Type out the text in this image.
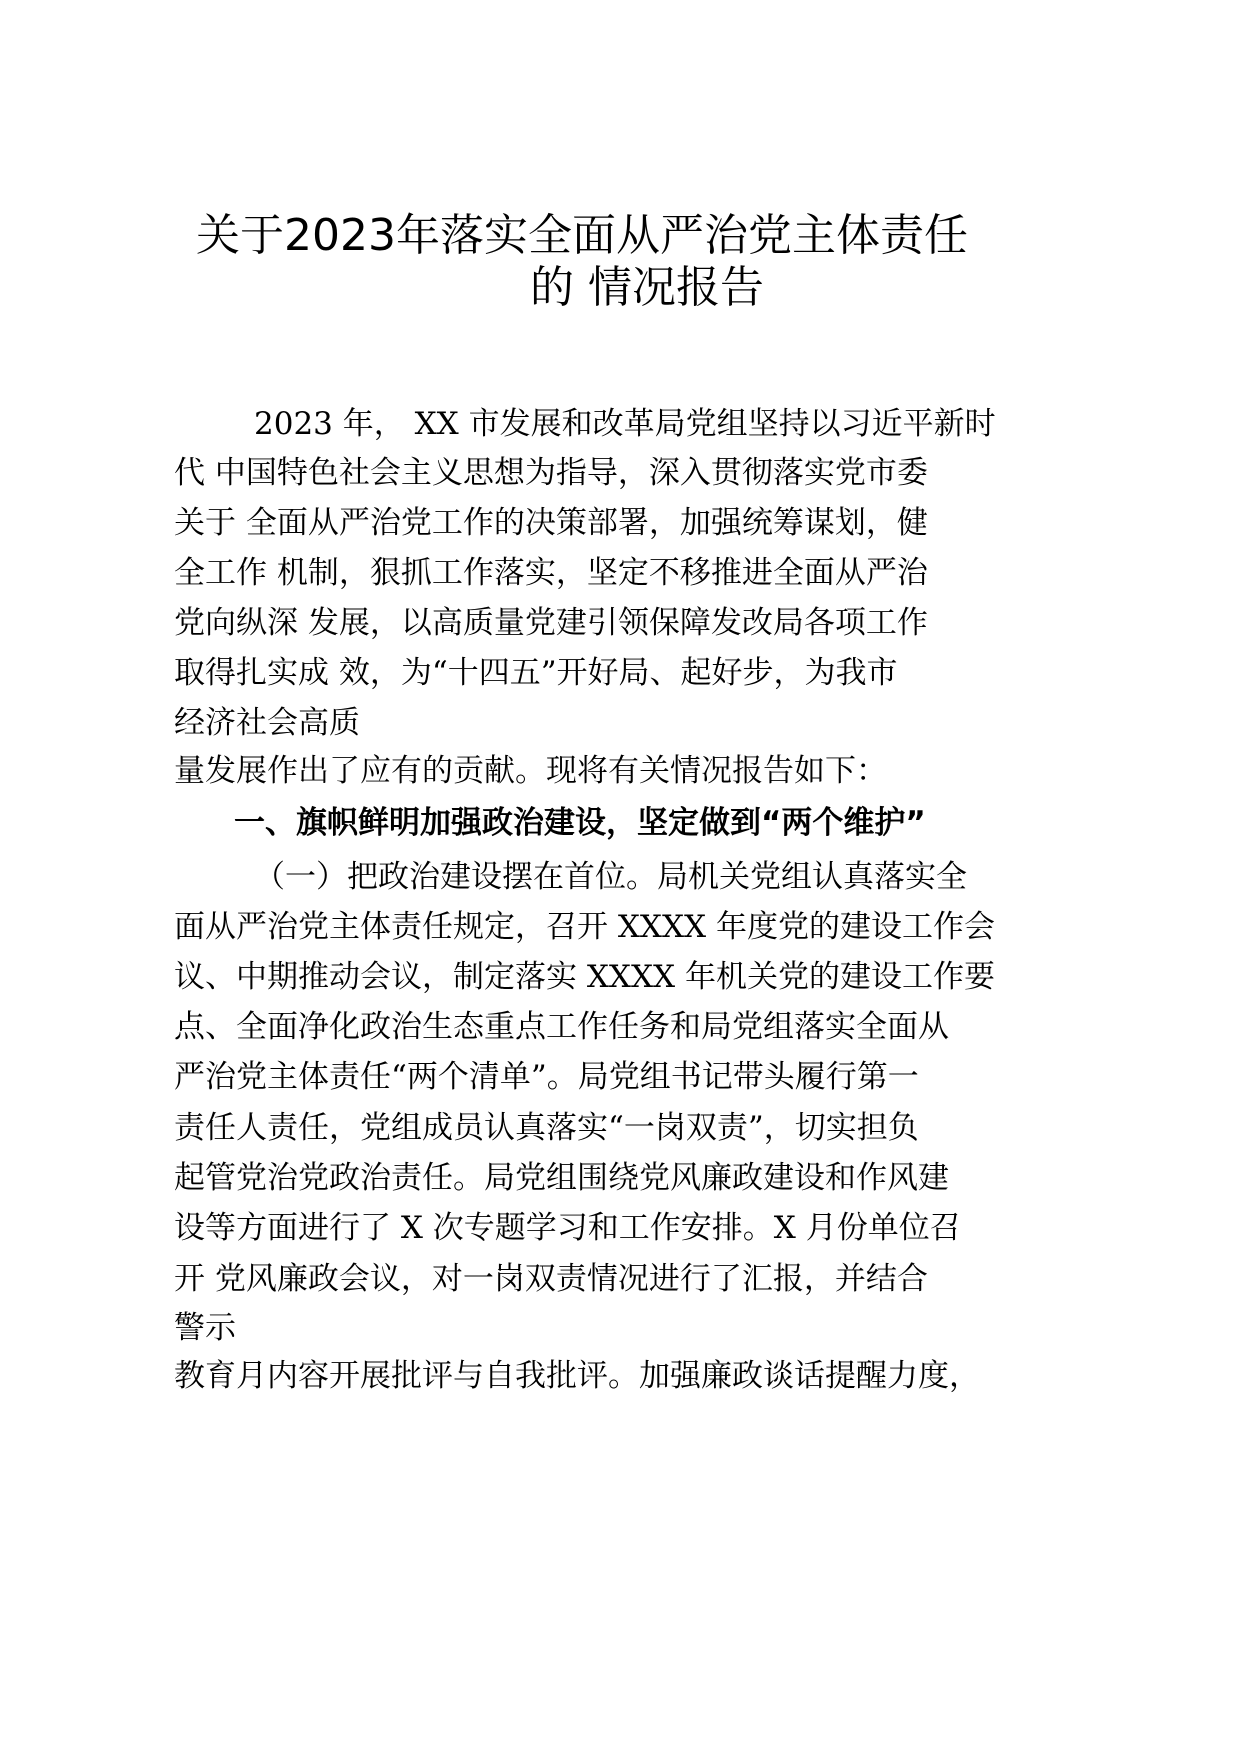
关于2023年落实全面从严治党主体责任
的 情况报告
2023 年， XX 市发展和改革局党组坚持以习近平新时
代 中国特色社会主义思想为指导，深入贯彻落实党市委
关于 全面从严治党工作的决策部署，加强统筹谋划，健
全工作 机制，狠抓工作落实，坚定不移推进全面从严治
党向纵深 发展，以高质量党建引领保障发改局各项工作
取得扎实成 效，为“十四五”开好局、起好步，为我市
经济社会高质
量发展作出了应有的贡献。现将有关情况报告如下：
一、旗帜鲜明加强政治建设，坚定做到“两个维护”
（一）把政治建设摆在首位。局机关党组认真落实全
面从严治党主体责任规定，召开 XXXX 年度党的建设工作会
议、中期推动会议，制定落实 XXXX 年机关党的建设工作要
点、全面净化政治生态重点工作任务和局党组落实全面从
严治党主体责任“两个清单”。局党组书记带头履行第一
责任人责任，党组成员认真落实“一岗双责”，切实担负
起管党治党政治责任。局党组围绕党风廉政建设和作风建
设等方面进行了 X 次专题学习和工作安排。X 月份单位召
开 党风廉政会议，对一岗双责情况进行了汇报，并结合
警示
教育月内容开展批评与自我批评。加强廉政谈话提醒力度，
